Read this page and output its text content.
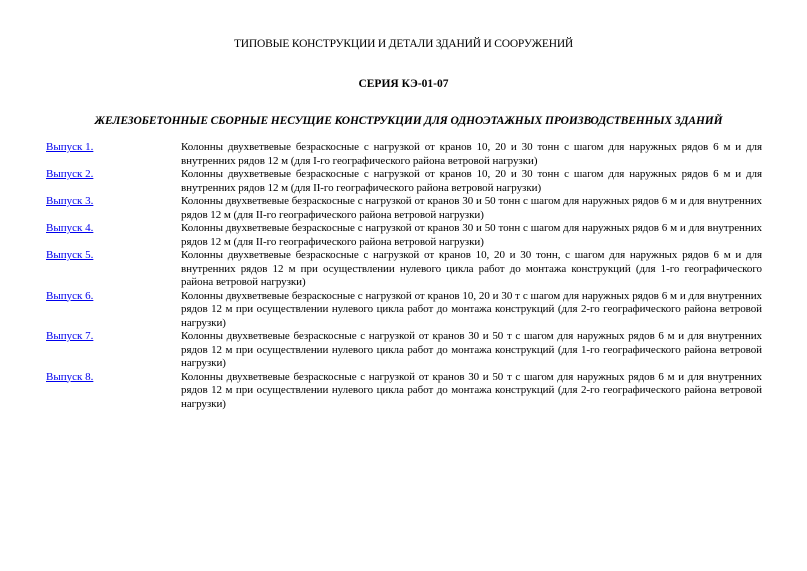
ТИПОВЫЕ КОНСТРУКЦИИ И ДЕТАЛИ ЗДАНИЙ И СООРУЖЕНИЙ
СЕРИЯ КЭ-01-07
ЖЕЛЕЗОБЕТОННЫЕ СБОРНЫЕ НЕСУЩИЕ КОНСТРУКЦИИ ДЛЯ ОДНОЭТАЖНЫХ ПРОИЗВОДСТВЕННЫХ ЗДАНИЙ
Выпуск 1.	Колонны двухветвевые безраскосные с нагрузкой от кранов 10, 20 и 30 тонн с шагом для наружных рядов 6 м и для внутренних рядов 12 м (для I-го географического района ветровой нагрузки)
Выпуск 2.	Колонны двухветвевые безраскосные с нагрузкой от кранов 10, 20 и 30 тонн с шагом для наружных рядов 6 м и для внутренних рядов 12 м (для II-го географического района ветровой нагрузки)
Выпуск 3.	Колонны двухветвевые безраскосные с нагрузкой от кранов 30 и 50 тонн с шагом для наружных рядов 6 м и для внутренних рядов 12 м (для II-го географического района ветровой нагрузки)
Выпуск 4.	Колонны двухветвевые безраскосные с нагрузкой от кранов 30 и 50 тонн с шагом для наружных рядов 6 м и для внутренних рядов 12 м (для II-го географического района ветровой нагрузки)
Выпуск 5.	Колонны двухветвевые безраскосные с нагрузкой от кранов 10, 20 и 30 тонн, с шагом для наружных рядов 6 м и для внутренних рядов 12 м при осуществлении нулевого цикла работ до монтажа конструкций (для 1-го географического района ветровой нагрузки)
Выпуск 6.	Колонны двухветвевые безраскосные с нагрузкой от кранов 10, 20 и 30 т с шагом для наружных рядов 6 м и для внутренних рядов 12 м при осуществлении нулевого цикла работ до монтажа конструкций (для 2-го географического района ветровой нагрузки)
Выпуск 7.	Колонны двухветвевые безраскосные с нагрузкой от кранов 30 и 50 т с шагом для наружных рядов 6 м и для внутренних рядов 12 м при осуществлении нулевого цикла работ до монтажа конструкций (для 1-го географического района ветровой нагрузки)
Выпуск 8.	Колонны двухветвевые безраскосные с нагрузкой от кранов 30 и 50 т с шагом для наружных рядов 6 м и для внутренних рядов 12 м при осуществлении нулевого цикла работ до монтажа конструкций (для 2-го географического района ветровой нагрузки)
